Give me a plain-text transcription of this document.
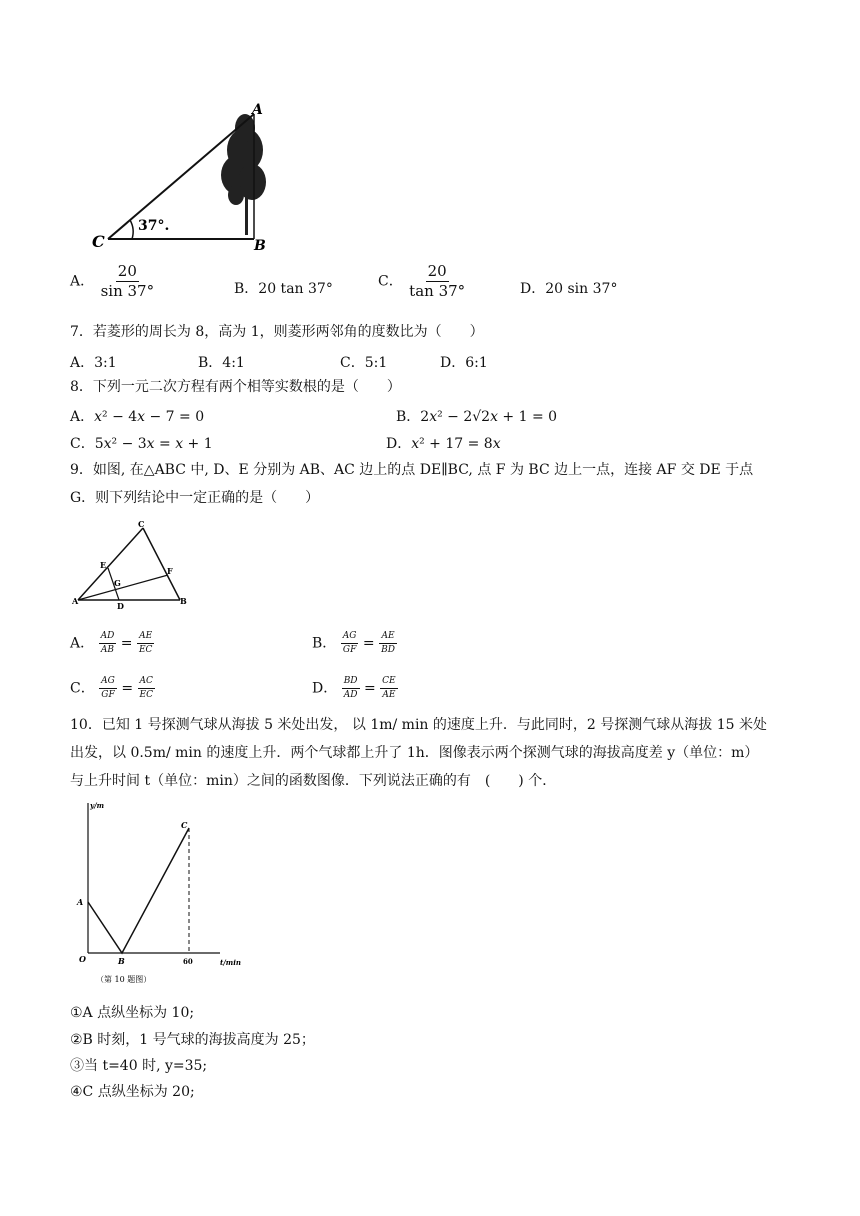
A
B
C
37°.
A． $\frac{20}{\sin 37^\circ}$	B．20 tan 37°	C． $\frac{20}{\tan 37^\circ}$	D．20 sin 37°
7．若菱形的周长为 8，高为 1，则菱形两邻角的度数比为（　　）
A．3:1	B．4:1	C．5:1	D．6:1
8．下列一元二次方程有两个相等实数根的是（　　）
A．𝑥² − 4𝑥 − 7 = 0	B．2𝑥² − 2√2𝑥 + 1 = 0
C．5𝑥² − 3𝑥 = 𝑥 + 1	D．𝑥² + 17 = 8𝑥
9．如图, 在△ABC 中, D、E 分别为 AB、AC 边上的点 DE∥BC, 点 F 为 BC 边上一点，连接 AF 交 DE 于点
G．则下列结论中一定正确的是（　　）
C
E
G
F
A	D	B
A． $\frac{AD}{AB} = \frac{AE}{EC}$	B． $\frac{AG}{GF} = \frac{AE}{BD}$
C． $\frac{AG}{GF} = \frac{AC}{EC}$	D． $\frac{BD}{AD} = \frac{CE}{AE}$
10．已知 1 号探测气球从海拔 5 米处出发， 以 1m/ min 的速度上升．与此同时，2 号探测气球从海拔 15 米处
出发，以 0.5m/ min 的速度上升．两个气球都上升了 1h．图像表示两个探测气球的海拔高度差 y（单位：m）
与上升时间 t（单位：min）之间的函数图像．下列说法正确的有　(　　) 个．
y/m
t/min
O
A
B
C
60
（第 10 题图）
①A 点纵坐标为 10;
②B 时刻，1 号气球的海拔高度为 25；
③当 t=40 时, y=35;
④C 点纵坐标为 20;
